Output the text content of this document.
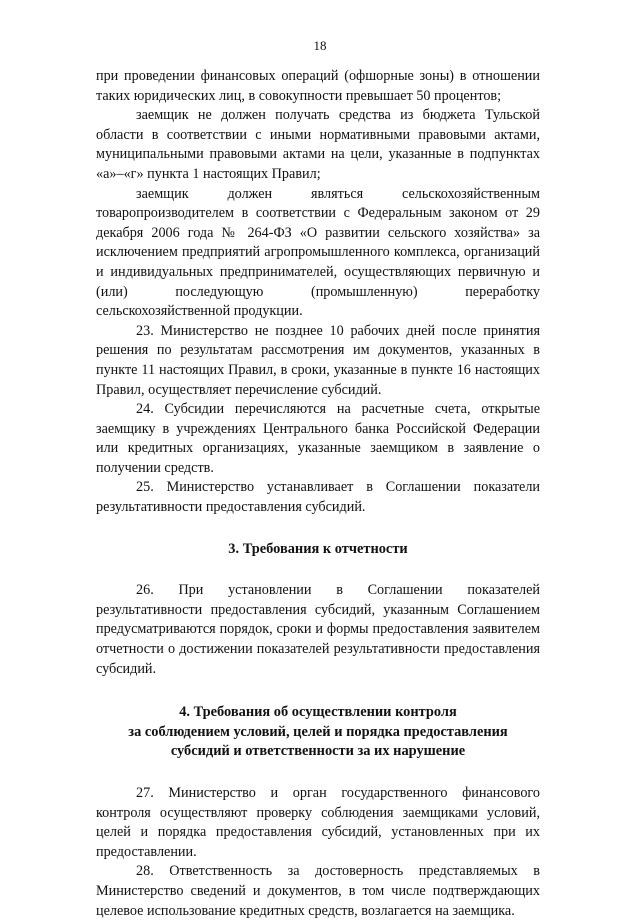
18

при проведении финансовых операций (офшорные зоны) в отношении таких юридических лиц, в совокупности превышает 50 процентов;

заемщик не должен получать средства из бюджета Тульской области в соответствии с иными нормативными правовыми актами, муниципальными правовыми актами на цели, указанные в подпунктах «а»–«г» пункта 1 настоящих Правил;

заемщик должен являться сельскохозяйственным товаропроизводителем в соответствии с Федеральным законом от 29 декабря 2006 года № 264-ФЗ «О развитии сельского хозяйства» за исключением предприятий агропромышленного комплекса, организаций и индивидуальных предпринимателей, осуществляющих первичную и (или) последующую (промышленную) переработку сельскохозяйственной продукции.

23. Министерство не позднее 10 рабочих дней после принятия решения по результатам рассмотрения им документов, указанных в пункте 11 настоящих Правил, в сроки, указанные в пункте 16 настоящих Правил, осуществляет перечисление субсидий.

24. Субсидии перечисляются на расчетные счета, открытые заемщику в учреждениях Центрального банка Российской Федерации или кредитных организациях, указанные заемщиком в заявление о получении средств.

25. Министерство устанавливает в Соглашении показатели результативности предоставления субсидий.

3. Требования к отчетности

26. При установлении в Соглашении показателей результативности предоставления субсидий, указанным Соглашением предусматриваются порядок, сроки и формы предоставления заявителем отчетности о достижении показателей результативности предоставления субсидий.

4. Требования об осуществлении контроля
за соблюдением условий, целей и порядка предоставления
субсидий и ответственности за их нарушение

27. Министерство и орган государственного финансового контроля осуществляют проверку соблюдения заемщиками условий, целей и порядка предоставления субсидий, установленных при их предоставлении.

28. Ответственность за достоверность представляемых в Министерство сведений и документов, в том числе подтверждающих целевое использование кредитных средств, возлагается на заемщика.
